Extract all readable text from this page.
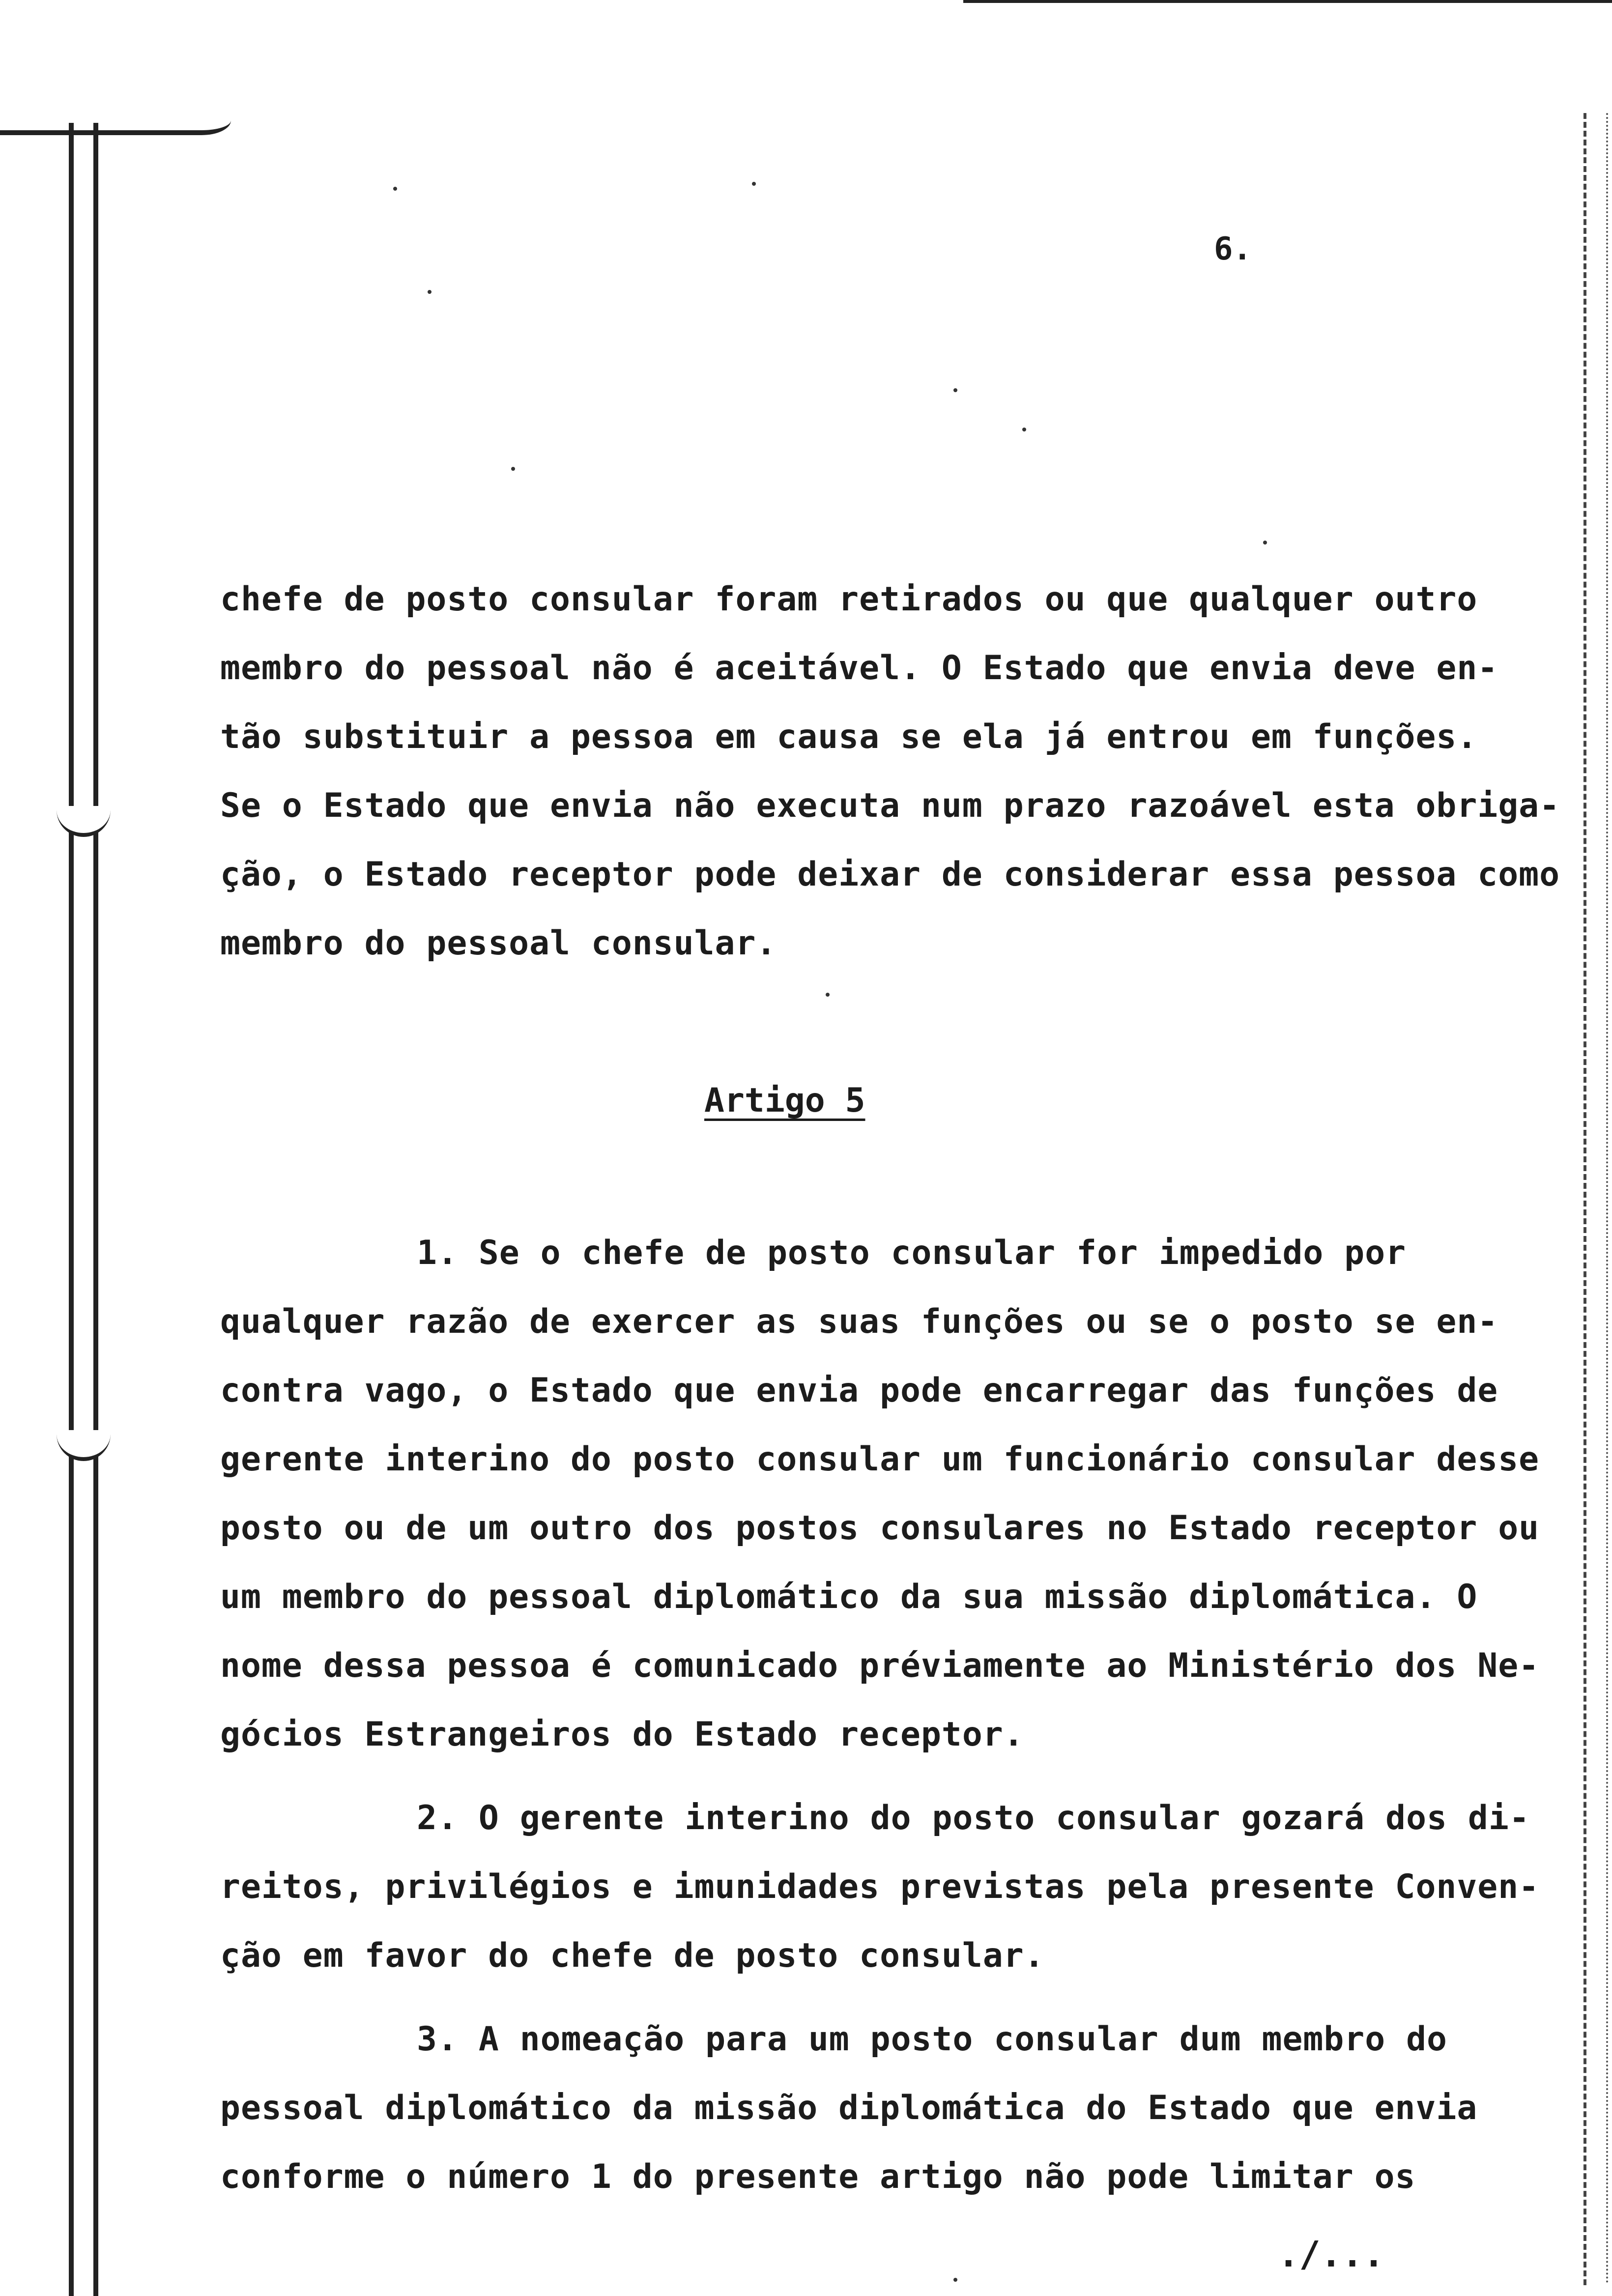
6.
chefe de posto consular foram retirados ou que qualquer outro
membro do pessoal não é aceitável. O Estado que envia deve en-
tão substituir a pessoa em causa se ela já entrou em funções.
Se o Estado que envia não executa num prazo razoável esta obriga-
ção, o Estado receptor pode deixar de considerar essa pessoa como
membro do pessoal consular.
Artigo 5
1. Se o chefe de posto consular for impedido por
qualquer razão de exercer as suas funções ou se o posto se en-
contra vago, o Estado que envia pode encarregar das funções de
gerente interino do posto consular um funcionário consular desse
posto ou de um outro dos postos consulares no Estado receptor ou
um membro do pessoal diplomático da sua missão diplomática. O
nome dessa pessoa é comunicado préviamente ao Ministério dos Ne-
gócios Estrangeiros do Estado receptor.
2. O gerente interino do posto consular gozará dos di-
reitos, privilégios e imunidades previstas pela presente Conven-
ção em favor do chefe de posto consular.
3. A nomeação para um posto consular dum membro do
pessoal diplomático da missão diplomática do Estado que envia
conforme o número 1 do presente artigo não pode limitar os
./...
